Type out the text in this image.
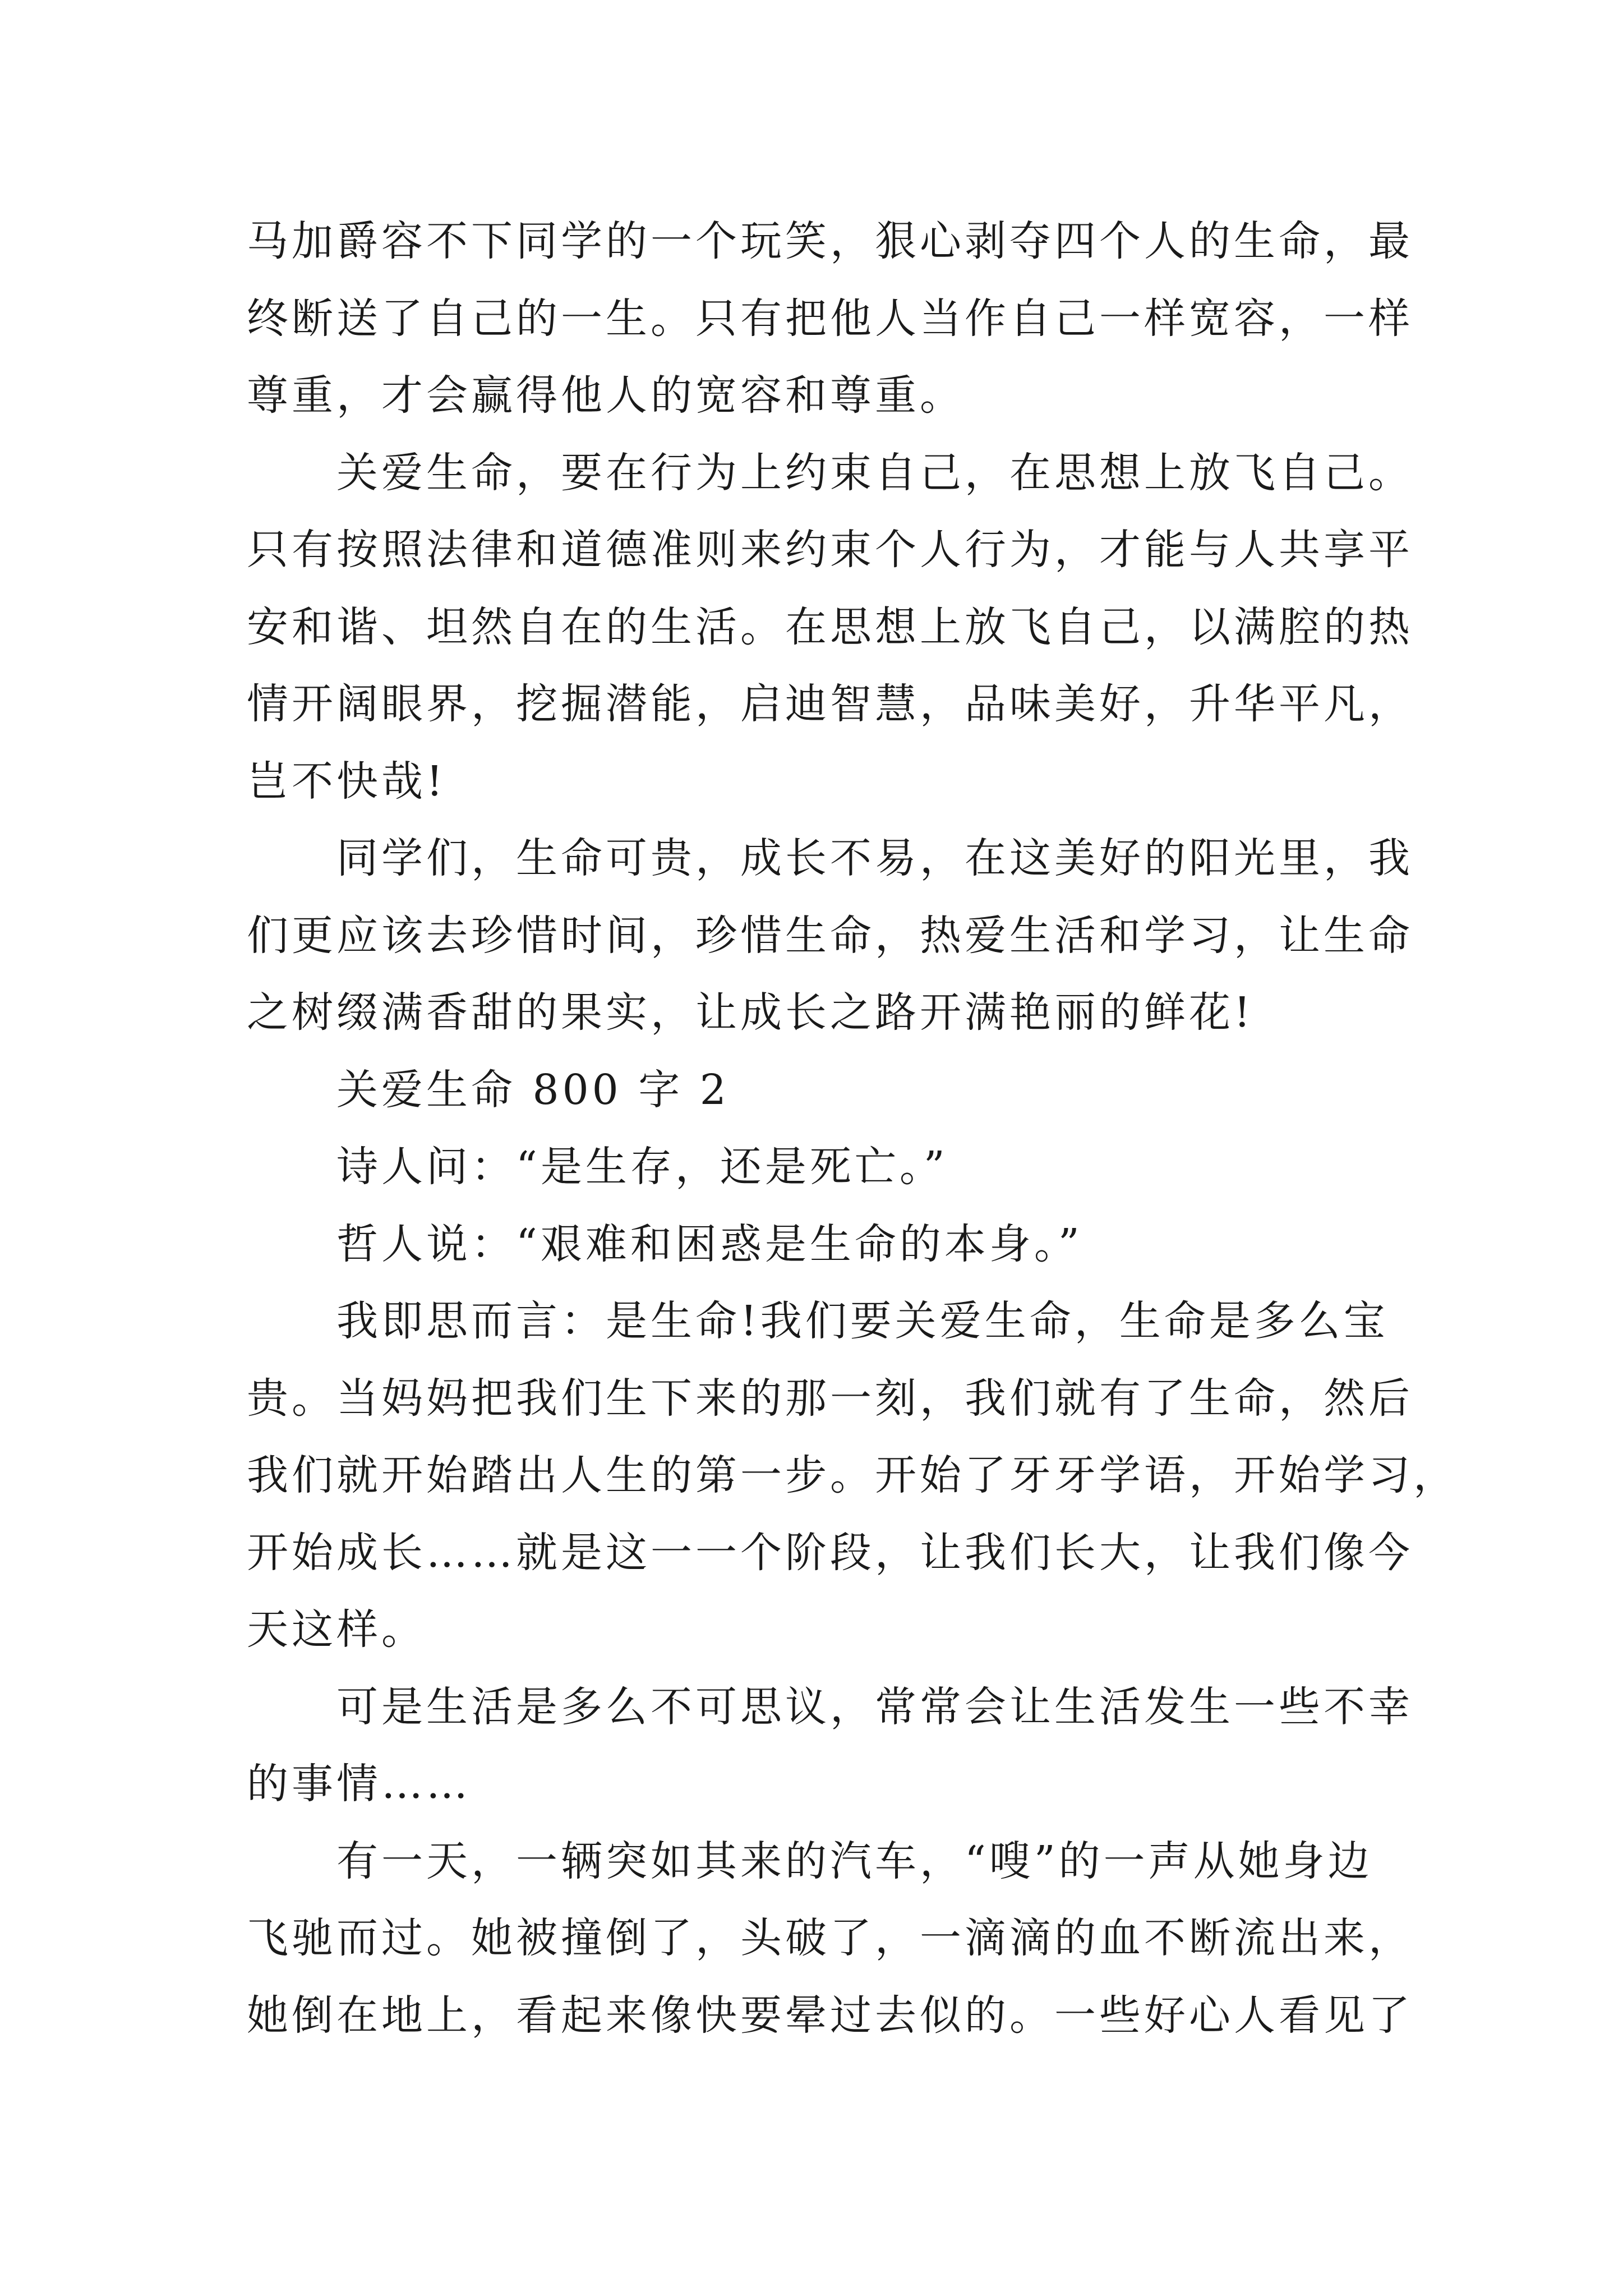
马加爵容不下同学的一个玩笑，狠心剥夺四个人的生命，最
终断送了自己的一生。只有把他人当作自己一样宽容，一样
尊重，才会赢得他人的宽容和尊重。
关爱生命，要在行为上约束自己，在思想上放飞自己。
只有按照法律和道德准则来约束个人行为，才能与人共享平
安和谐、坦然自在的生活。在思想上放飞自己，以满腔的热
情开阔眼界，挖掘潜能，启迪智慧，品味美好，升华平凡，
岂不快哉!
同学们，生命可贵，成长不易，在这美好的阳光里，我
们更应该去珍惜时间，珍惜生命，热爱生活和学习，让生命
之树缀满香甜的果实，让成长之路开满艳丽的鲜花!
关爱生命 800 字 2
诗人问：“是生存，还是死亡。”
哲人说：“艰难和困惑是生命的本身。”
我即思而言：是生命!我们要关爱生命，生命是多么宝
贵。当妈妈把我们生下来的那一刻，我们就有了生命，然后
我们就开始踏出人生的第一步。开始了牙牙学语，开始学习，
开始成长……就是这一一个阶段，让我们长大，让我们像今
天这样。
可是生活是多么不可思议，常常会让生活发生一些不幸
的事情……
有一天，一辆突如其来的汽车，“嗖”的一声从她身边
飞驰而过。她被撞倒了，头破了，一滴滴的血不断流出来，
她倒在地上，看起来像快要晕过去似的。一些好心人看见了
